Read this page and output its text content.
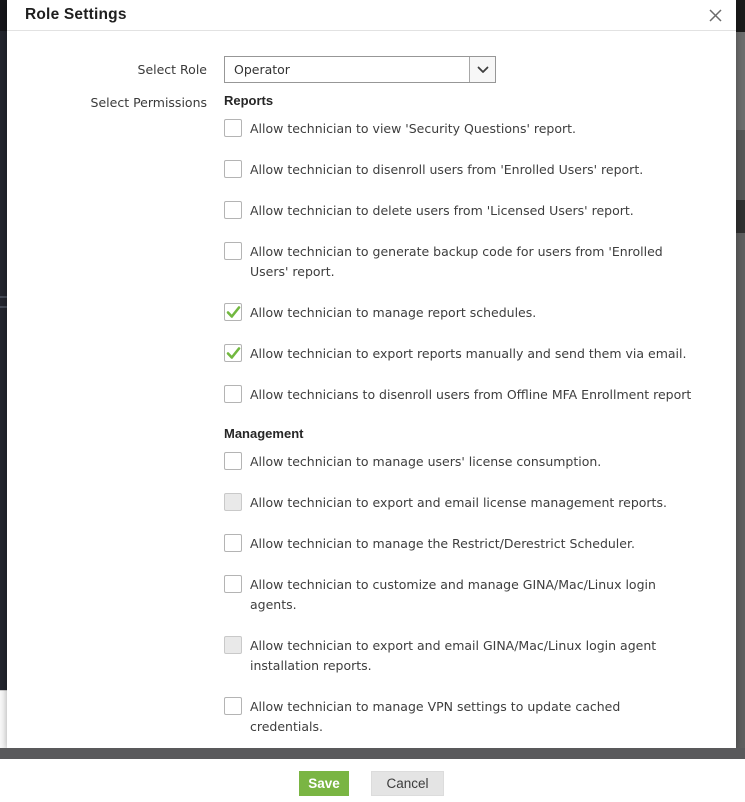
Role Settings
Select Role	Operator
Select Permissions Reports
Allow technician to view 'Security Questions' report.
Allow technician to disenroll users from 'Enrolled Users' report.
Allow technician to delete users from 'Licensed Users' report.
Allow technician to generate backup code for users from 'Enrolled Users' report.
Allow technician to manage report schedules.
Allow technician to export reports manually and send them via email.
Allow technicians to disenroll users from Offline MFA Enrollment report
Management
Allow technician to manage users' license consumption.
Allow technician to export and email license management reports.
Allow technician to manage the Restrict/Derestrict Scheduler.
Allow technician to customize and manage GINA/Mac/Linux login agents.
Allow technician to export and email GINA/Mac/Linux login agent installation reports.
Allow technician to manage VPN settings to update cached credentials.
Save	Cancel
